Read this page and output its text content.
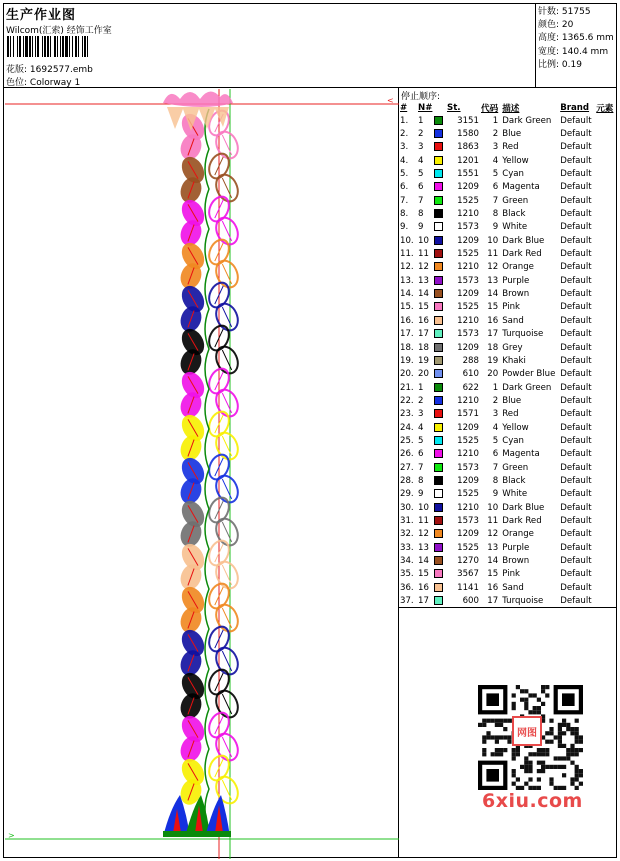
生产作业图
Wilcom(汇索) 经饰工作室
花版: 1692577.emb
色位: Colorway 1
针数: 51755
颜色: 20
高度: 1365.6 mm
宽度: 140.4 mm
比例: 0.19
<
>
停止顺序:
#	N#		St.	代码	描述	Brand	元素
1.	1		3151	1	Dark Green	Default	
2.	2		1580	2	Blue	Default	
3.	3		1863	3	Red	Default	
4.	4		1201	4	Yellow	Default	
5.	5		1551	5	Cyan	Default	
6.	6		1209	6	Magenta	Default	
7.	7		1525	7	Green	Default	
8.	8		1210	8	Black	Default	
9.	9		1573	9	White	Default	
10.	10		1209	10	Dark Blue	Default	
11.	11		1525	11	Dark Red	Default	
12.	12		1210	12	Orange	Default	
13.	13		1573	13	Purple	Default	
14.	14		1209	14	Brown	Default	
15.	15		1525	15	Pink	Default	
16.	16		1210	16	Sand	Default	
17.	17		1573	17	Turquoise	Default	
18.	18		1209	18	Grey	Default	
19.	19		288	19	Khaki	Default	
20.	20		610	20	Powder Blue	Default	
21.	1		622	1	Dark Green	Default	
22.	2		1210	2	Blue	Default	
23.	3		1571	3	Red	Default	
24.	4		1209	4	Yellow	Default	
25.	5		1525	5	Cyan	Default	
26.	6		1210	6	Magenta	Default	
27.	7		1573	7	Green	Default	
28.	8		1209	8	Black	Default	
29.	9		1525	9	White	Default	
30.	10		1210	10	Dark Blue	Default	
31.	11		1573	11	Dark Red	Default	
32.	12		1209	12	Orange	Default	
33.	13		1525	13	Purple	Default	
34.	14		1270	14	Brown	Default	
35.	15		3567	15	Pink	Default	
36.	16		1141	16	Sand	Default	
37.	17		600	17	Turquoise	Default	
网图
6xiu.com
